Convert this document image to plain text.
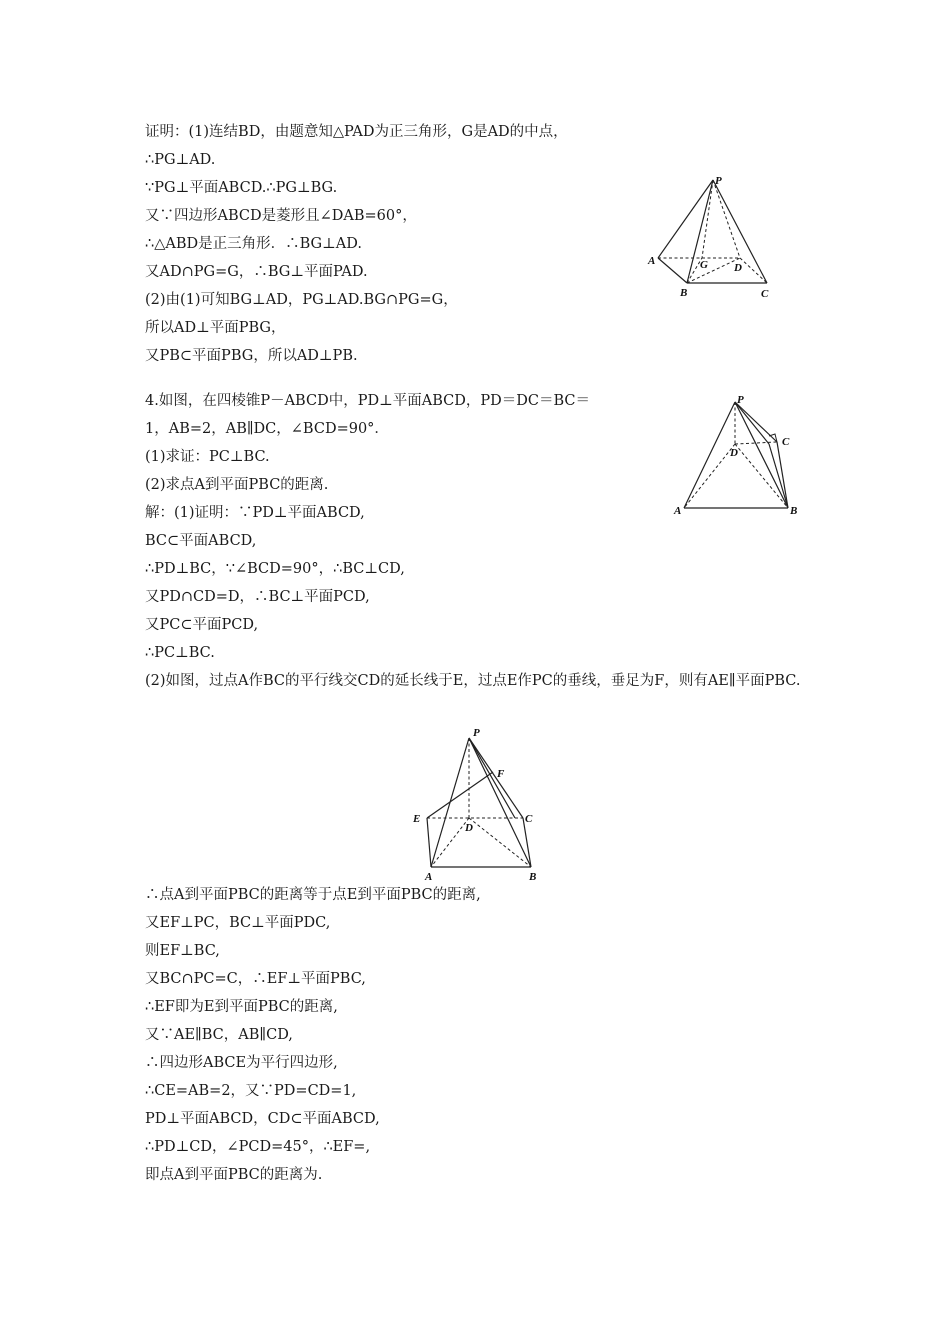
证明：(1)连结BD，由题意知△PAD为正三角形，G是AD的中点，
∴PG⊥AD.
∵PG⊥平面ABCD.∴PG⊥BG.
又∵四边形ABCD是菱形且∠DAB=60°，
∴△ABD是正三角形．∴BG⊥AD.
又AD∩PG=G，∴BG⊥平面PAD.
(2)由(1)可知BG⊥AD，PG⊥AD.BG∩PG=G，
所以AD⊥平面PBG，
又PB⊂平面PBG，所以AD⊥PB.
P
A
B	C
D
G
4.如图，在四棱锥P－ABCD中，PD⊥平面ABCD，PD＝DC＝BC＝
1，AB=2，AB∥DC，∠BCD=90°．
(1)求证：PC⊥BC.
(2)求点A到平面PBC的距离.
解：(1)证明：∵PD⊥平面ABCD,
BC⊂平面ABCD,
∴PD⊥BC，∵∠BCD=90°，∴BC⊥CD,
又PD∩CD=D，∴BC⊥平面PCD,
又PC⊂平面PCD,
∴PC⊥BC.
(2)如图，过点A作BC的平行线交CD的延长线于E，过点E作PC的垂线，垂足为F，则有AE∥平面PBC.
P
C
D
A	B
P
F
E
D
C
A	B
∴点A到平面PBC的距离等于点E到平面PBC的距离,
又EF⊥PC，BC⊥平面PDC,
则EF⊥BC,
又BC∩PC=C，∴EF⊥平面PBC,
∴EF即为E到平面PBC的距离,
又∵AE∥BC，AB∥CD,
∴四边形ABCE为平行四边形,
∴CE=AB=2，又∵PD=CD=1,
PD⊥平面ABCD，CD⊂平面ABCD,
∴PD⊥CD，∠PCD=45°，∴EF=,
即点A到平面PBC的距离为.
